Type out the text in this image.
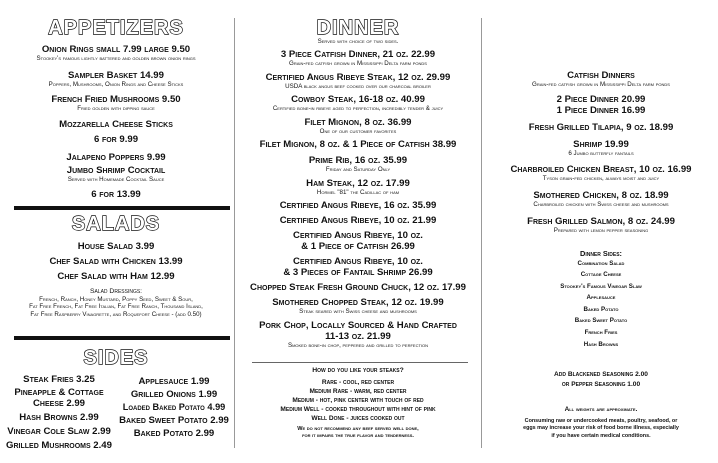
APPETIZERS

Onion Rings small 7.99 large 9.50

Stookey's famous lightly battered and golden brown onion rings

Sampler Basket 14.99

Poppers, Mushrooms, Onion Rings and Cheese Sticks

French Fried Mushrooms 9.50

Fried golden with dipping sauce

Mozzarella Cheese Sticks

6 for 9.99

Jalapeno Poppers 9.99

Jumbo Shrimp Cocktail

Served with Homemade Cocktail Sauce

6 for 13.99

SALADS

House Salad 3.99

Chef Salad with Chicken 13.99

Chef Salad with Ham 12.99

Salad Dressings:

French, Ranch, Honey Mustard, Poppy Seed, Sweet & Sour,

Fat Free French, Fat Free Italian, Fat Free Ranch, Thousand Island,

Fat Free Raspberry Vinagrette, and Roquefort Cheese - (add 0.50)

SIDES

Steak Fries 3.25

Pineapple & Cottage

Cheese 2.99

Hash Browns 2.99

Vinegar Cole Slaw 2.99

Grilled Mushrooms 2.49

Applesauce 1.99

Grilled Onions 1.99

Loaded Baked Potato 4.99

Baked Sweet Potato 2.99

Baked Potato 2.99

DINNER

Served with choice of two sides.

3 Piece Catfish Dinner, 21 oz. 22.99

Grain-fed catfish grown in Mississippi Delta farm ponds

Certified Angus Ribeye Steak, 12 oz. 29.99

USDA black angus beef cooked over our charcoal broiler

Cowboy Steak, 16-18 oz. 40.99

Certified bone-in ribeye aged to perfection, incredibly tender & juicy

Filet Mignon, 8 oz. 36.99

One of our customer favorites

Filet Mignon, 8 oz. & 1 Piece of Catfish 38.99

Prime Rib, 16 oz. 35.99

Friday and Saturday Only

Ham Steak, 12 oz. 17.99

Hormel "81" the Cadillac of ham

Certified Angus Ribeye, 16 oz. 35.99

Certified Angus Ribeye, 10 oz. 21.99

Certified Angus Ribeye, 10 oz.

& 1 Piece of Catfish 26.99

Certified Angus Ribeye, 10 oz.

& 3 Pieces of Fantail Shrimp 26.99

Chopped Steak Fresh Ground Chuck, 12 oz. 17.99

Smothered Chopped Steak, 12 oz. 19.99

Steak seared with Swiss cheese and mushrooms

Pork Chop, Locally Sourced & Hand Crafted

11-13 oz. 21.99

Smoked bone-in chop, peppered and grilled to perfection

How do you like your steaks?

Rare - cool, red center

Medium Rare - warm, red center

Medium - hot, pink center with touch of red

Medium Well - cooked throughout with hint of pink

Well Done - juices cooked out

We do not recommend any beef served well done,

for it impairs the true flavor and tenderness.

Catfish Dinners

Grain-fed catfish grown in Mississippi Delta farm ponds

2 Piece Dinner 20.99

1 Piece Dinner 16.99

Fresh Grilled Tilapia, 9 oz. 18.99

Shrimp 19.99

6 Jumbo butterfly fantails

Charbroiled Chicken Breast, 10 oz. 16.99

Tyson grain-fed chicken, always moist and juicy

Smothered Chicken, 8 oz. 18.99

Charbroiled chicken with Swiss cheese and mushrooms

Fresh Grilled Salmon, 8 oz. 24.99

Prepared with lemon pepper seasoning

Dinner Sides:

Combination Salad

Cottage Cheese

Stookey's Famous Vinegar Slaw

Applesauce

Baked Potato

Baked Sweet Potato

French Fries

Hash Browns

Add Blackened Seasoning 2.00

or Pepper Seasoning 1.00

All weights are approximate.

Consuming raw or undercooked meats, poultry, seafood, or

eggs may increase your risk of food borne illness, especially

if you have certain medical conditions.
